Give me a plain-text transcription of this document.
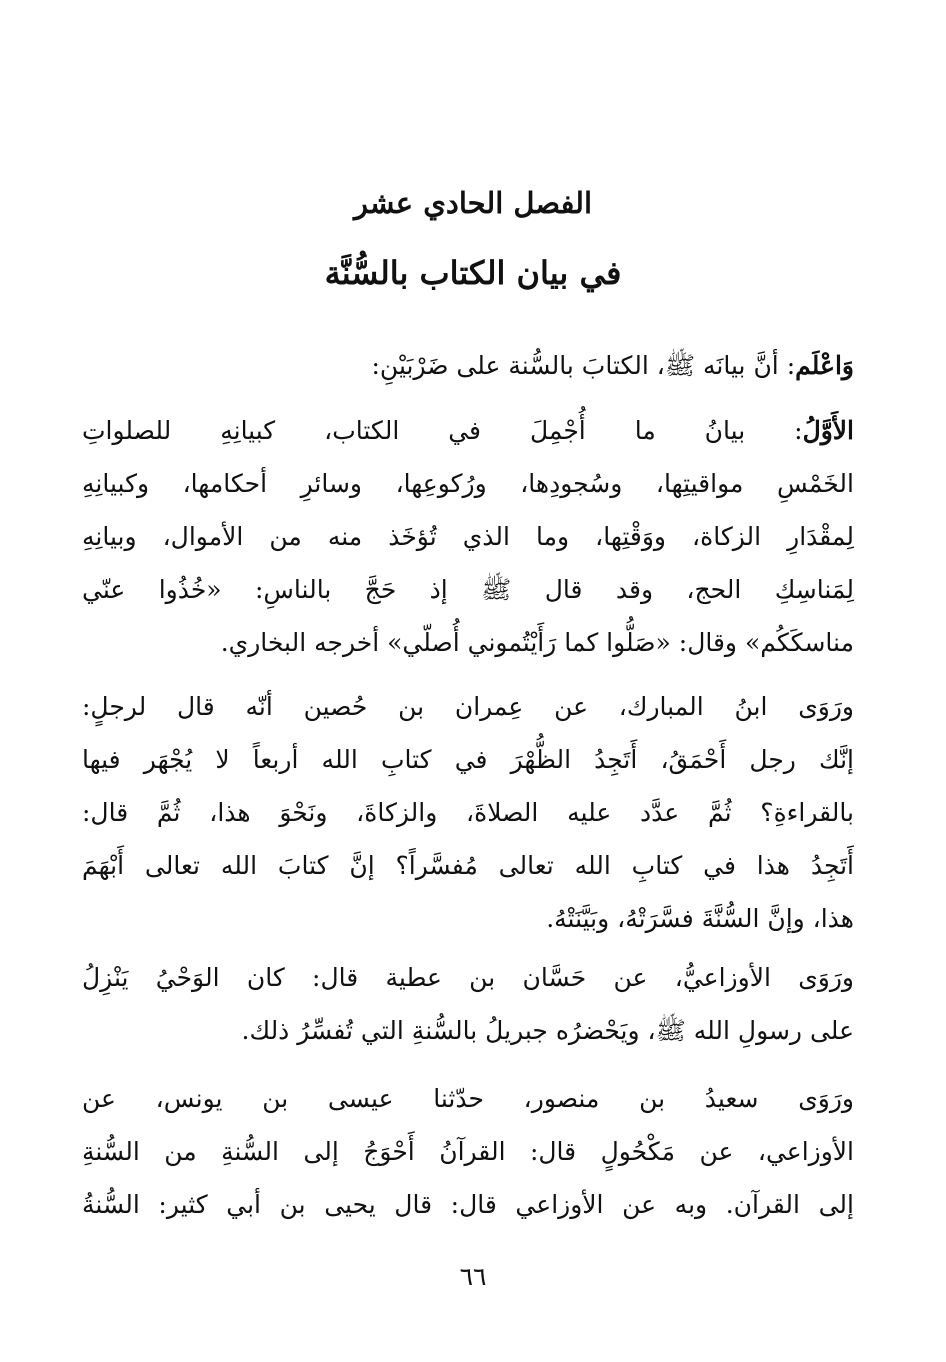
الفصل الحادي عشر
في بيان الكتاب بالسُّنَّة
وَاعْلَم: أنَّ بيانَه ﷺ، الكتابَ بالسُّنة على ضَرْبَيْنِ:
الأَوَّلُ: بيانُ ما أُجْمِلَ في الكتاب، كبيانِهِ للصلواتِ
الخَمْسِ مواقيتِها، وسُجودِها، ورُكوعِها، وسائرِ أحكامها، وكبيانِهِ
لِمقْدَارِ الزكاة، ووَقْتِها، وما الذي تُؤخَذ منه من الأموال، وبيانِهِ
لِمَناسِكِ الحج، وقد قال ﷺ إذ حَجَّ بالناسِ: «خُذُوا عنّي
مناسكَكُم» وقال: «صَلُّوا كما رَأَيْتُموني أُصلّي» أخرجه البخاري.
ورَوَى ابنُ المبارك، عن عِمران بن حُصين أنّه قال لرجلٍ:
إنَّك رجل أَحْمَقُ، أَتَجِدُ الظُّهْرَ في كتابِ الله أربعاً لا يُجْهَر فيها
بالقراءةِ؟ ثُمَّ عدَّد عليه الصلاةَ، والزكاةَ، ونَحْوَ هذا، ثُمَّ قال:
أَتَجِدُ هذا في كتابِ الله تعالى مُفسَّراً؟ إنَّ كتابَ الله تعالى أَبْهَمَ
هذا، وإنَّ السُّنَّةَ فسَّرَتْهُ، وبَيَّنَتْهُ.
ورَوَى الأوزاعيُّ، عن حَسَّان بن عطية قال: كان الوَحْيُ يَنْزِلُ
على رسولِ الله ﷺ، ويَحْضرُه جبريلُ بالسُّنةِ التي تُفسِّرُ ذلك.
ورَوَى سعيدُ بن منصور، حدّثنا عيسى بن يونس، عن
الأوزاعي، عن مَكْحُولٍ قال: القرآنُ أَحْوَجُ إلى السُّنةِ من السُّنةِ
إلى القرآن. وبه عن الأوزاعي قال: قال يحيى بن أبي كثير: السُّنةُ

٦٦
